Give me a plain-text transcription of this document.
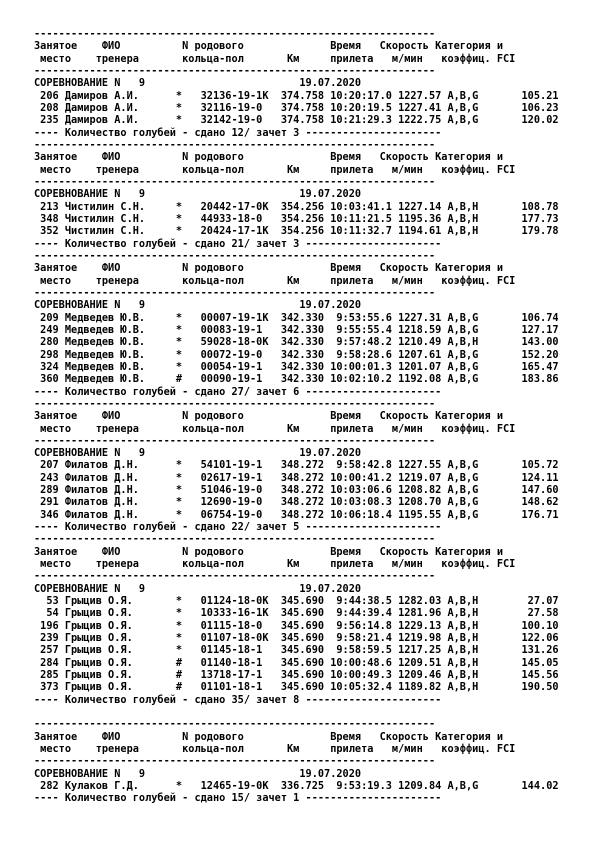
-----------------------------------------------------------------
Занятое    ФИО          N родового              Время   Скорость Категория и
место    тренера       кольца-пол       Км     прилета   м/мин   коэффиц. FCI
-----------------------------------------------------------------
СОРЕВНОВАНИЕ N   9                         19.07.2020
206 Дамиров А.И.      *   32136-19-1К  374.758 10:20:17.0 1227.57 A,B,G       105.21
208 Дамиров А.И.      *   32116-19-0   374.758 10:20:19.5 1227.41 A,B,G       106.23
235 Дамиров А.И.      *   32142-19-0   374.758 10:21:29.3 1222.75 A,B,G       120.02
---- Количество голубей - сдано 12/ зачет 3 ----------------------
-----------------------------------------------------------------
Занятое    ФИО          N родового              Время   Скорость Категория и
место    тренера       кольца-пол       Км     прилета   м/мин   коэффиц. FCI
-----------------------------------------------------------------
СОРЕВНОВАНИЕ N   9                         19.07.2020
213 Чистилин С.Н.     *   20442-17-0К  354.256 10:03:41.1 1227.14 A,B,H       108.78
348 Чистилин С.Н.     *   44933-18-0   354.256 10:11:21.5 1195.36 A,B,H       177.73
352 Чистилин С.Н.     *   20424-17-1К  354.256 10:11:32.7 1194.61 A,B,H       179.78
---- Количество голубей - сдано 21/ зачет 3 ----------------------
-----------------------------------------------------------------
Занятое    ФИО          N родового              Время   Скорость Категория и
место    тренера       кольца-пол       Км     прилета   м/мин   коэффиц. FCI
-----------------------------------------------------------------
СОРЕВНОВАНИЕ N   9                         19.07.2020
209 Медведев Ю.В.     *   00007-19-1К  342.330  9:53:55.6 1227.31 A,B,G       106.74
249 Медведев Ю.В.     *   00083-19-1   342.330  9:55:55.4 1218.59 A,B,G       127.17
280 Медведев Ю.В.     *   59028-18-0К  342.330  9:57:48.2 1210.49 A,B,H       143.00
298 Медведев Ю.В.     *   00072-19-0   342.330  9:58:28.6 1207.61 A,B,G       152.20
324 Медведев Ю.В.     *   00054-19-1   342.330 10:00:01.3 1201.07 A,B,G       165.47
360 Медведев Ю.В.     #   00090-19-1   342.330 10:02:10.2 1192.08 A,B,G       183.86
---- Количество голубей - сдано 27/ зачет 6 ----------------------
-----------------------------------------------------------------
Занятое    ФИО          N родового              Время   Скорость Категория и
место    тренера       кольца-пол       Км     прилета   м/мин   коэффиц. FCI
-----------------------------------------------------------------
СОРЕВНОВАНИЕ N   9                         19.07.2020
207 Филатов Д.Н.      *   54101-19-1   348.272  9:58:42.8 1227.55 A,B,G       105.72
243 Филатов Д.Н.      *   02617-19-1   348.272 10:00:41.2 1219.07 A,B,G       124.11
289 Филатов Д.Н.      *   51046-19-0   348.272 10:03:06.6 1208.82 A,B,G       147.60
291 Филатов Д.Н.      *   12690-19-0   348.272 10:03:08.3 1208.70 A,B,G       148.62
346 Филатов Д.Н.      *   06754-19-0   348.272 10:06:18.4 1195.55 A,B,G       176.71
---- Количество голубей - сдано 22/ зачет 5 ----------------------
-----------------------------------------------------------------
Занятое    ФИО          N родового              Время   Скорость Категория и
место    тренера       кольца-пол       Км     прилета   м/мин   коэффиц. FCI
-----------------------------------------------------------------
СОРЕВНОВАНИЕ N   9                         19.07.2020
53 Грыцив О.Я.       *   01124-18-0К  345.690  9:44:38.5 1282.03 A,B,H        27.07
54 Грыцив О.Я.       *   10333-16-1К  345.690  9:44:39.4 1281.96 A,B,H        27.58
196 Грыцив О.Я.       *   01115-18-0   345.690  9:56:14.8 1229.13 A,B,H       100.10
239 Грыцив О.Я.       *   01107-18-0К  345.690  9:58:21.4 1219.98 A,B,H       122.06
257 Грыцив О.Я.       *   01145-18-1   345.690  9:58:59.5 1217.25 A,B,H       131.26
284 Грыцив О.Я.       #   01140-18-1   345.690 10:00:48.6 1209.51 A,B,H       145.05
285 Грыцив О.Я.       #   13718-17-1   345.690 10:00:49.3 1209.46 A,B,H       145.56
373 Грыцив О.Я.       #   01101-18-1   345.690 10:05:32.4 1189.82 A,B,H       190.50
---- Количество голубей - сдано 35/ зачет 8 ----------------------
-----------------------------------------------------------------
Занятое    ФИО          N родового              Время   Скорость Категория и
место    тренера       кольца-пол       Км     прилета   м/мин   коэффиц. FCI
-----------------------------------------------------------------
СОРЕВНОВАНИЕ N   9                         19.07.2020
282 Кулаков Г.Д.      *   12465-19-0К  336.725  9:53:19.3 1209.84 A,B,G       144.02
---- Количество голубей - сдано 15/ зачет 1 ----------------------
